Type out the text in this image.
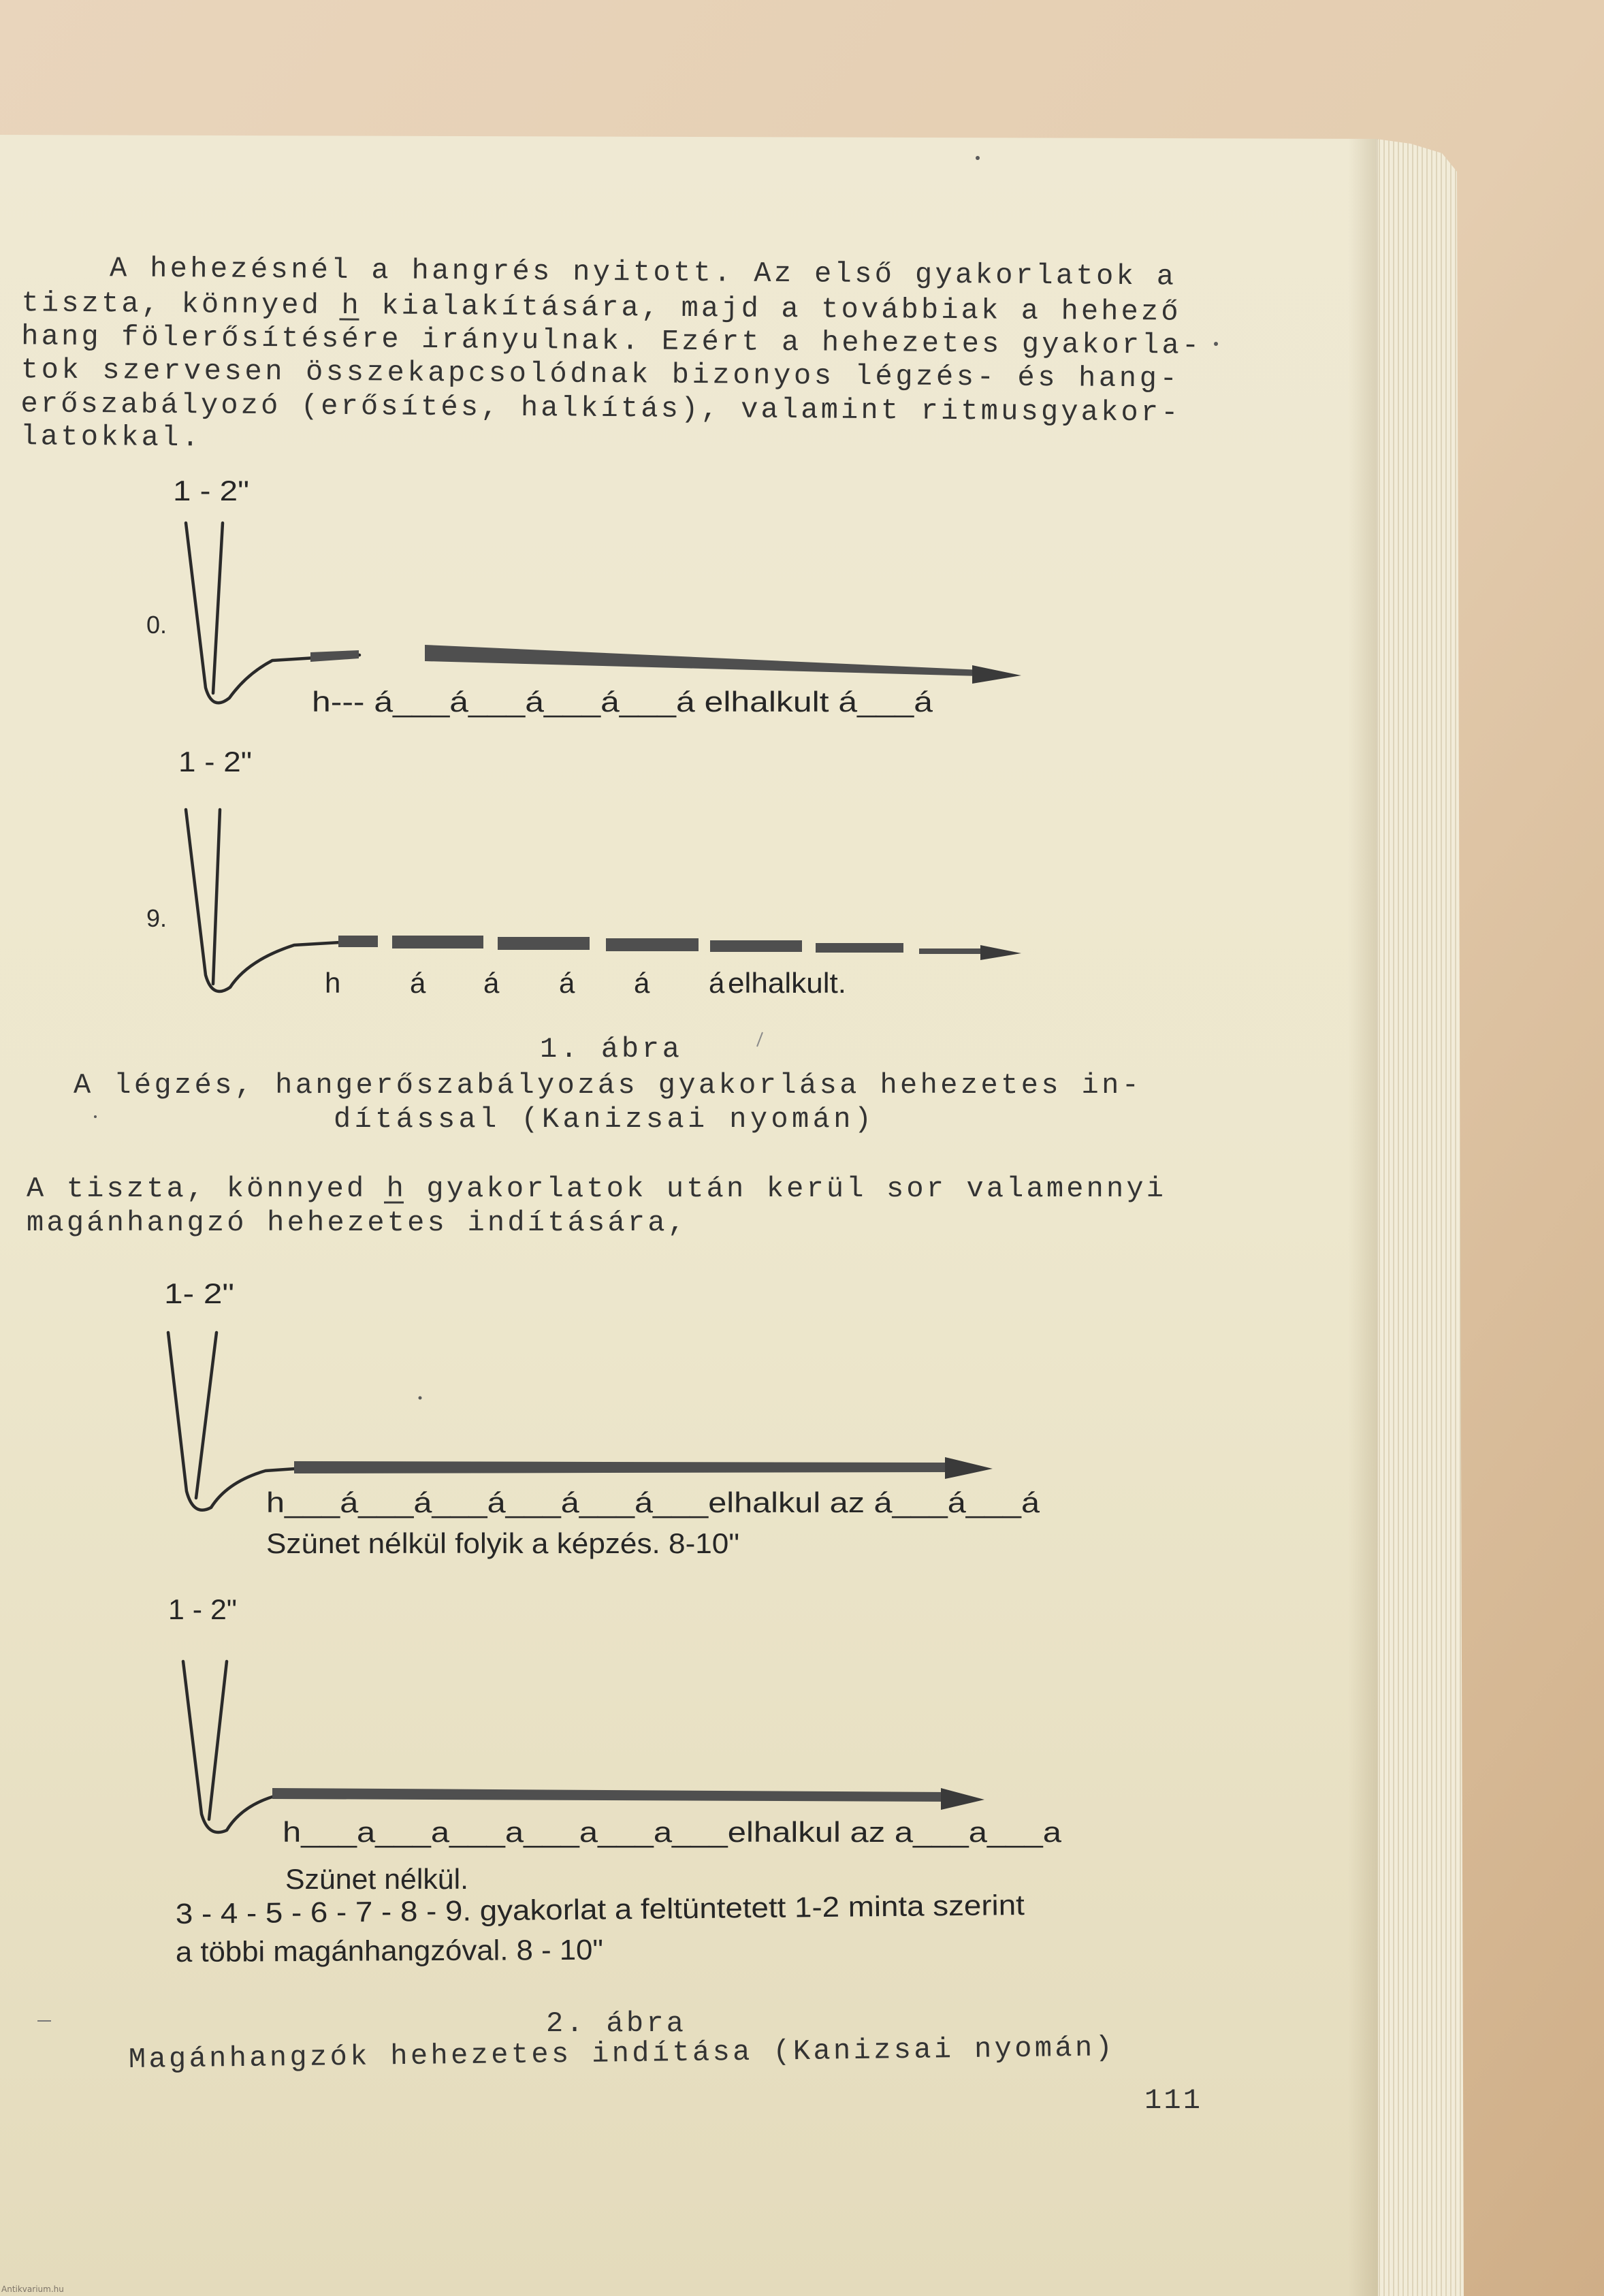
A hehezésnél a hangrés nyitott. Az első gyakorlatok a
tiszta, könnyed h kialakítására, majd a továbbiak a hehező
hang fölerősítésére irányulnak. Ezért a hehezetes gyakorla-
tok szervesen összekapcsolódnak bizonyos légzés- és hang-
erőszabályozó (erősítés, halkítás), valamint ritmusgyakor-
latokkal.
1 - 2"
0.
h--- á___á___á___á___á elhalkult á___á
1 - 2"
9.
h á á á á á elhalkult.
1. ábra
A légzés, hangerőszabályozás gyakorlása hehezetes in-
dítással (Kanizsai nyomán)
A tiszta, könnyed h gyakorlatok után kerül sor valamennyi
magánhangzó hehezetes indítására,
1- 2"
h___á___á___á___á___á___elhalkul az á___á___á
Szünet nélkül folyik a képzés. 8-10"
1 - 2"
h___a___a___a___a___a___elhalkul az a___a___a
Szünet nélkül.
3 - 4 - 5 - 6 - 7 - 8 - 9. gyakorlat a feltüntetett 1-2 minta szerint
a többi magánhangzóval. 8 - 10"
2. ábra
Magánhangzók hehezetes indítása (Kanizsai nyomán)
111
Antikvarium.hu
